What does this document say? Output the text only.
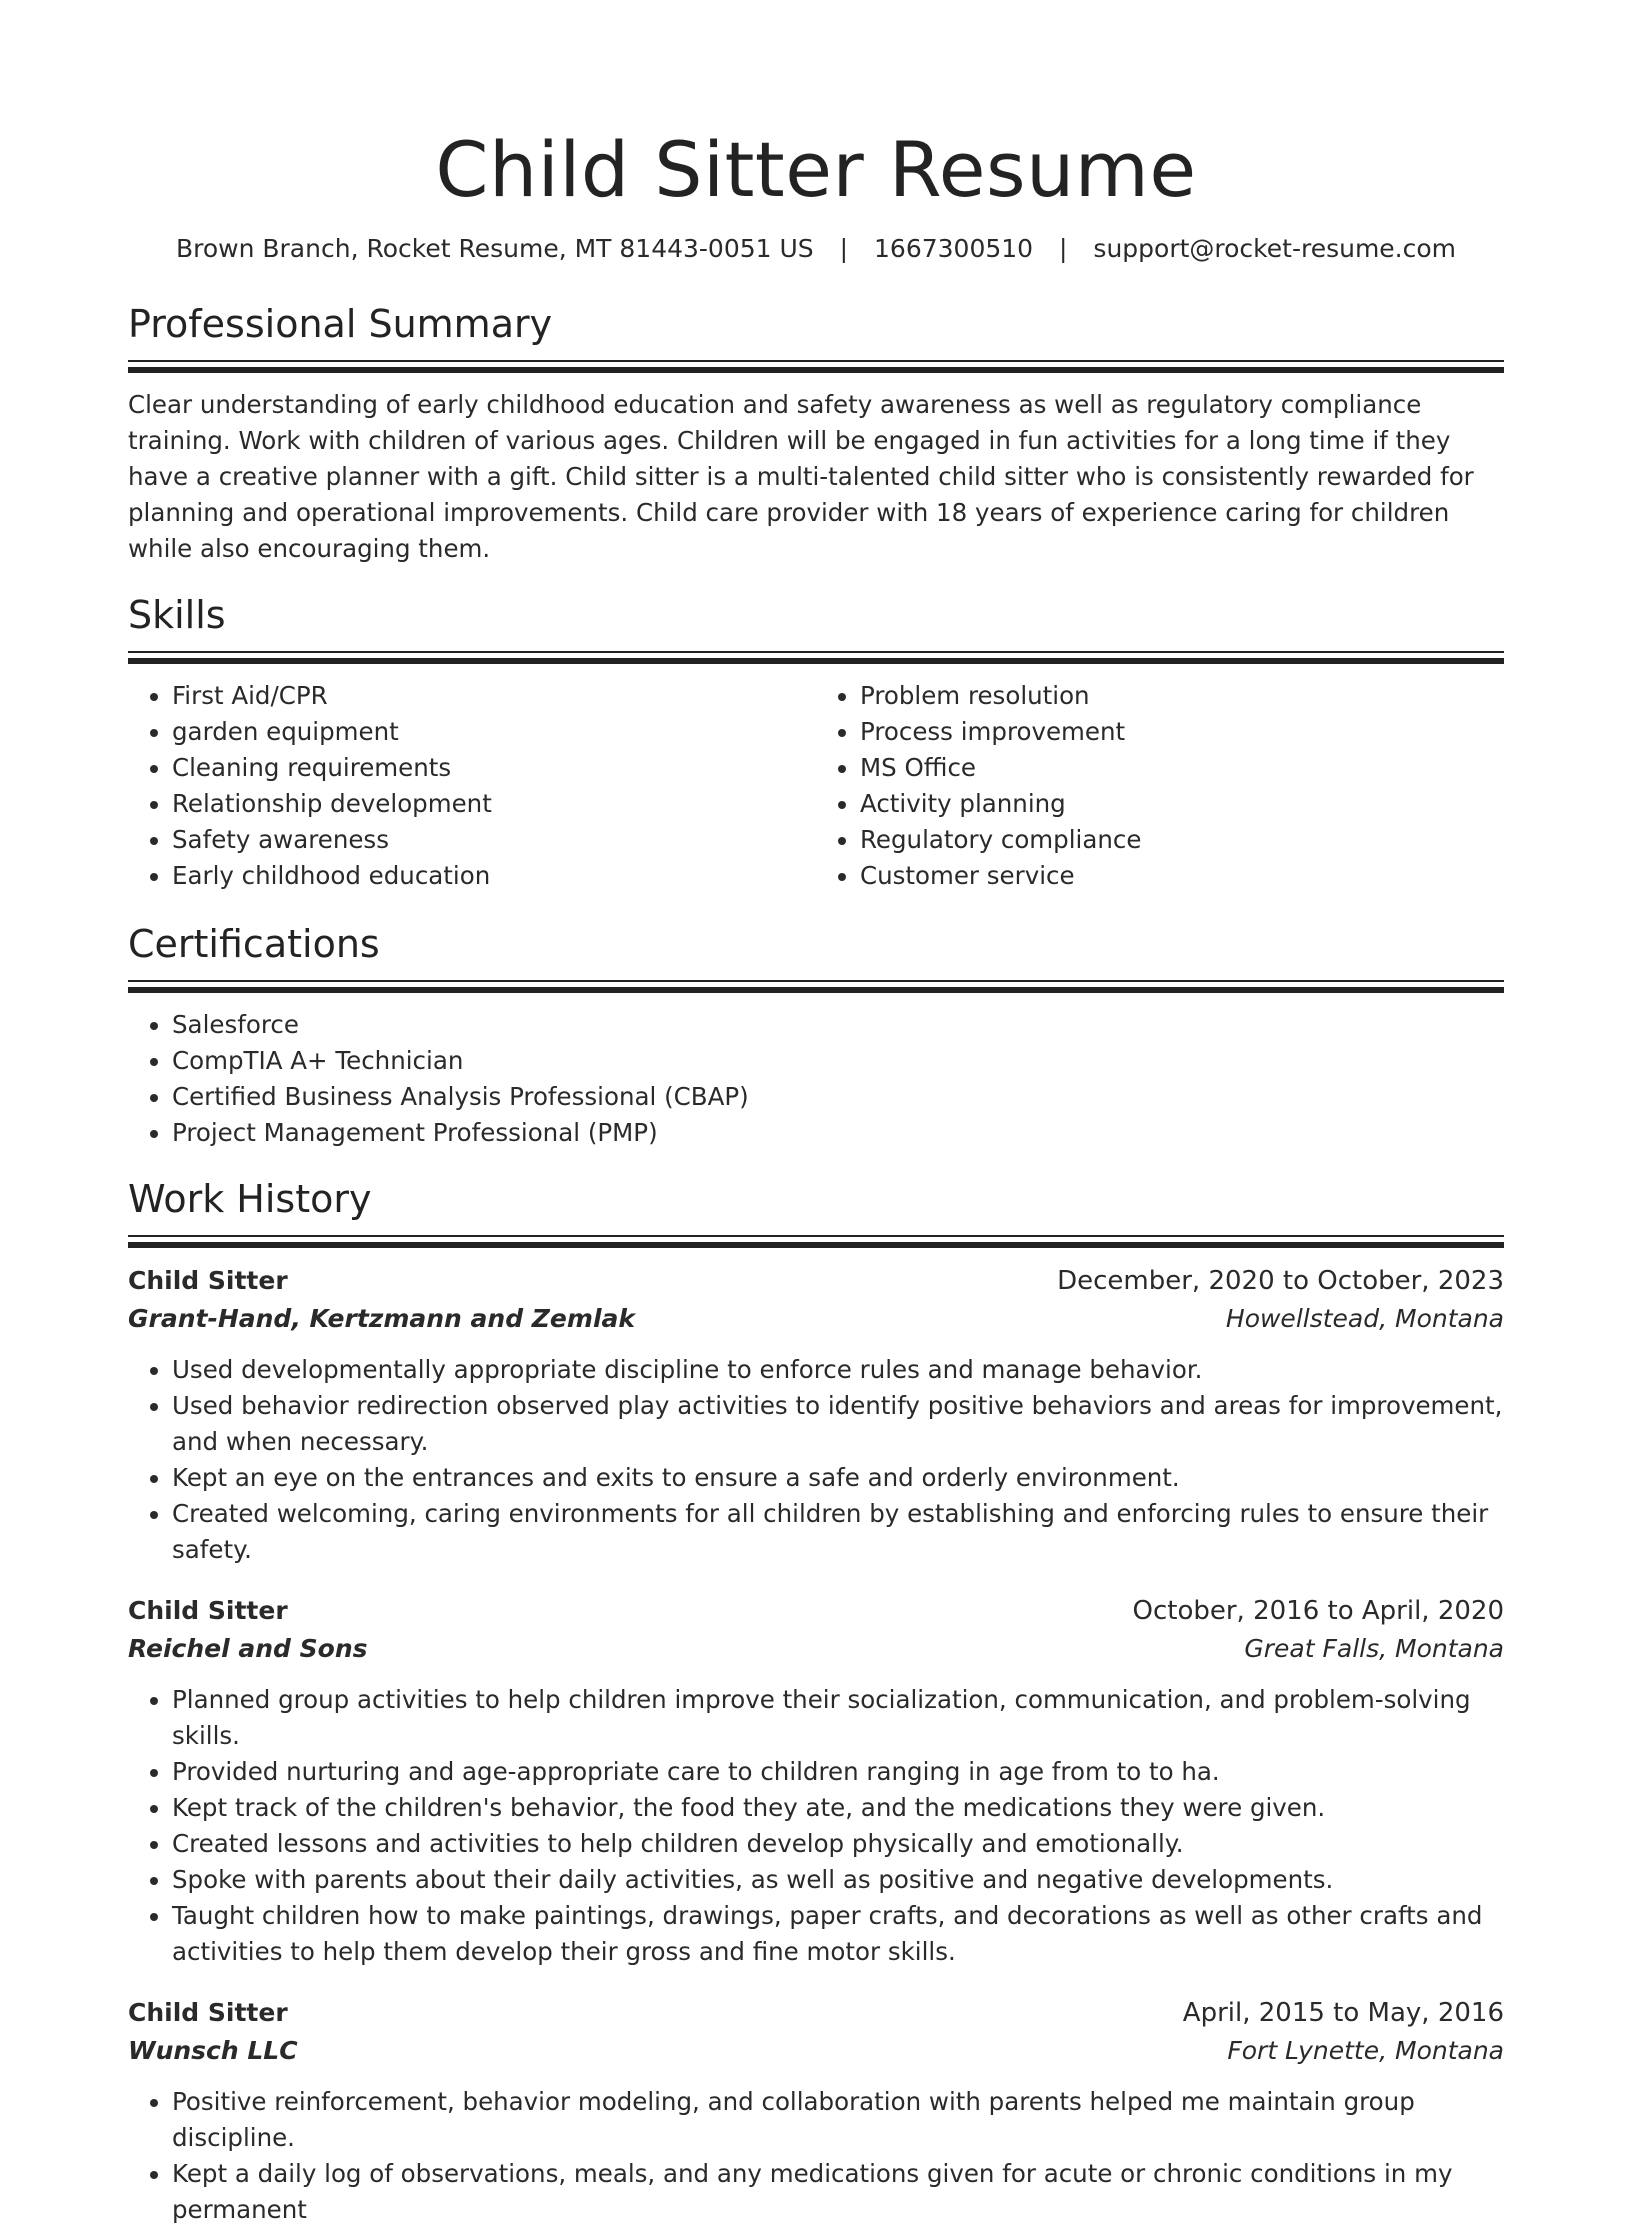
Child Sitter Resume
Brown Branch, Rocket Resume, MT 81443-0051 US | 1667300510 | support@rocket-resume.com
Professional Summary
Clear understanding of early childhood education and safety awareness as well as regulatory compliance training. Work with children of various ages. Children will be engaged in fun activities for a long time if they have a creative planner with a gift. Child sitter is a multi-talented child sitter who is consistently rewarded for planning and operational improvements. Child care provider with 18 years of experience caring for children while also encouraging them.
Skills
• First Aid/CPR
• garden equipment
• Cleaning requirements
• Relationship development
• Safety awareness
• Early childhood education
• Problem resolution
• Process improvement
• MS Office
• Activity planning
• Regulatory compliance
• Customer service
Certifications
• Salesforce
• CompTIA A+ Technician
• Certified Business Analysis Professional (CBAP)
• Project Management Professional (PMP)
Work History
Child Sitter	December, 2020 to October, 2023
Grant-Hand, Kertzmann and Zemlak	Howellstead, Montana
• Used developmentally appropriate discipline to enforce rules and manage behavior.
• Used behavior redirection observed play activities to identify positive behaviors and areas for improvement, and when necessary.
• Kept an eye on the entrances and exits to ensure a safe and orderly environment.
• Created welcoming, caring environments for all children by establishing and enforcing rules to ensure their safety.
Child Sitter	October, 2016 to April, 2020
Reichel and Sons	Great Falls, Montana
• Planned group activities to help children improve their socialization, communication, and problem-solving skills.
• Provided nurturing and age-appropriate care to children ranging in age from to to ha.
• Kept track of the children's behavior, the food they ate, and the medications they were given.
• Created lessons and activities to help children develop physically and emotionally.
• Spoke with parents about their daily activities, as well as positive and negative developments.
• Taught children how to make paintings, drawings, paper crafts, and decorations as well as other crafts and activities to help them develop their gross and fine motor skills.
Child Sitter	April, 2015 to May, 2016
Wunsch LLC	Fort Lynette, Montana
• Positive reinforcement, behavior modeling, and collaboration with parents helped me maintain group discipline.
• Kept a daily log of observations, meals, and any medications given for acute or chronic conditions in my permanent
